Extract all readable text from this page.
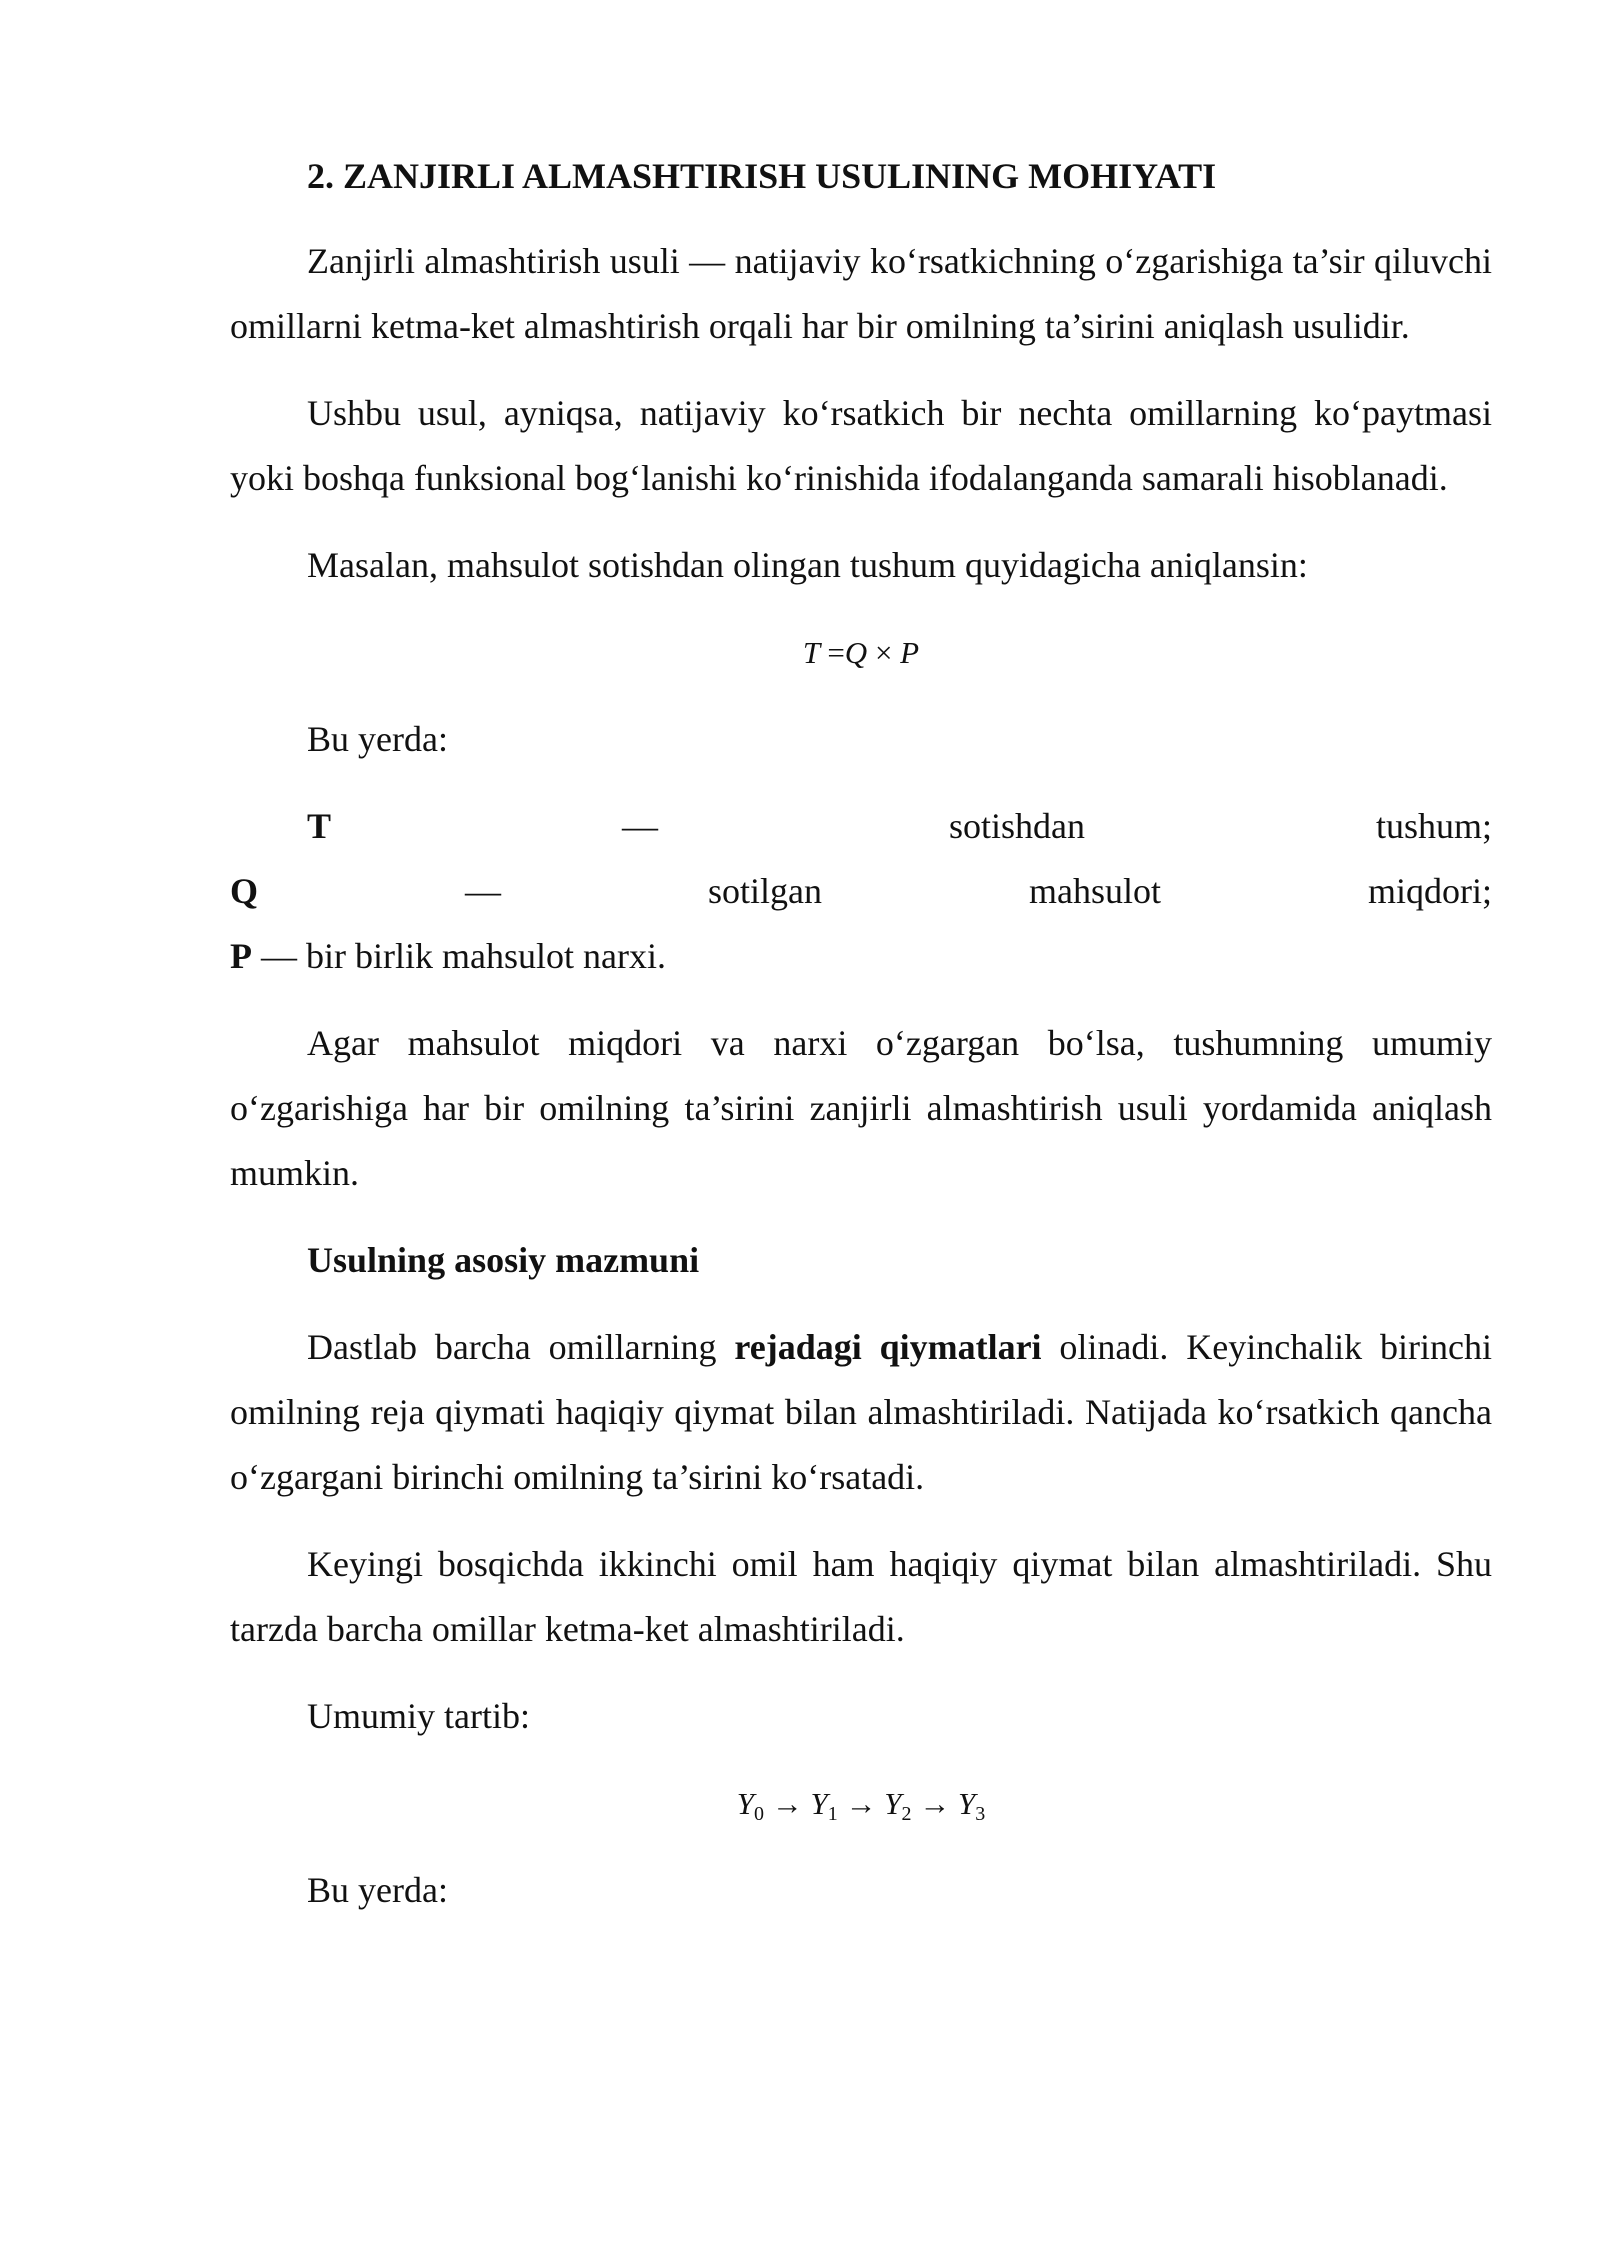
2. ZANJIRLI ALMASHTIRISH USULINING MOHIYATI

Zanjirli almashtirish usuli — natijaviy ko‘rsatkichning o‘zgarishiga ta’sir qiluvchi omillarni ketma-ket almashtirish orqali har bir omilning ta’sirini aniqlash usulidir.

Ushbu usul, ayniqsa, natijaviy ko‘rsatkich bir nechta omillarning ko‘paytmasi yoki boshqa funksional bog‘lanishi ko‘rinishida ifodalanganda samarali hisoblanadi.

Masalan, mahsulot sotishdan olingan tushum quyidagicha aniqlansin:

T =Q × P

Bu yerda:

T	—	sotishdan	tushum;
Q	—	sotilgan	mahsulot	miqdori;
P — bir birlik mahsulot narxi.

Agar mahsulot miqdori va narxi o‘zgargan bo‘lsa, tushumning umumiy o‘zgarishiga har bir omilning ta’sirini zanjirli almashtirish usuli yordamida aniqlash mumkin.

Usulning asosiy mazmuni

Dastlab barcha omillarning rejadagi qiymatlari olinadi. Keyinchalik birinchi omilning reja qiymati haqiqiy qiymat bilan almashtiriladi. Natijada ko‘rsatkich qancha o‘zgargani birinchi omilning ta’sirini ko‘rsatadi.

Keyingi bosqichda ikkinchi omil ham haqiqiy qiymat bilan almashtiriladi. Shu tarzda barcha omillar ketma-ket almashtiriladi.

Umumiy tartib:

$Y_0 \to Y_1 \to Y_2 \to Y_3$

Bu yerda:
